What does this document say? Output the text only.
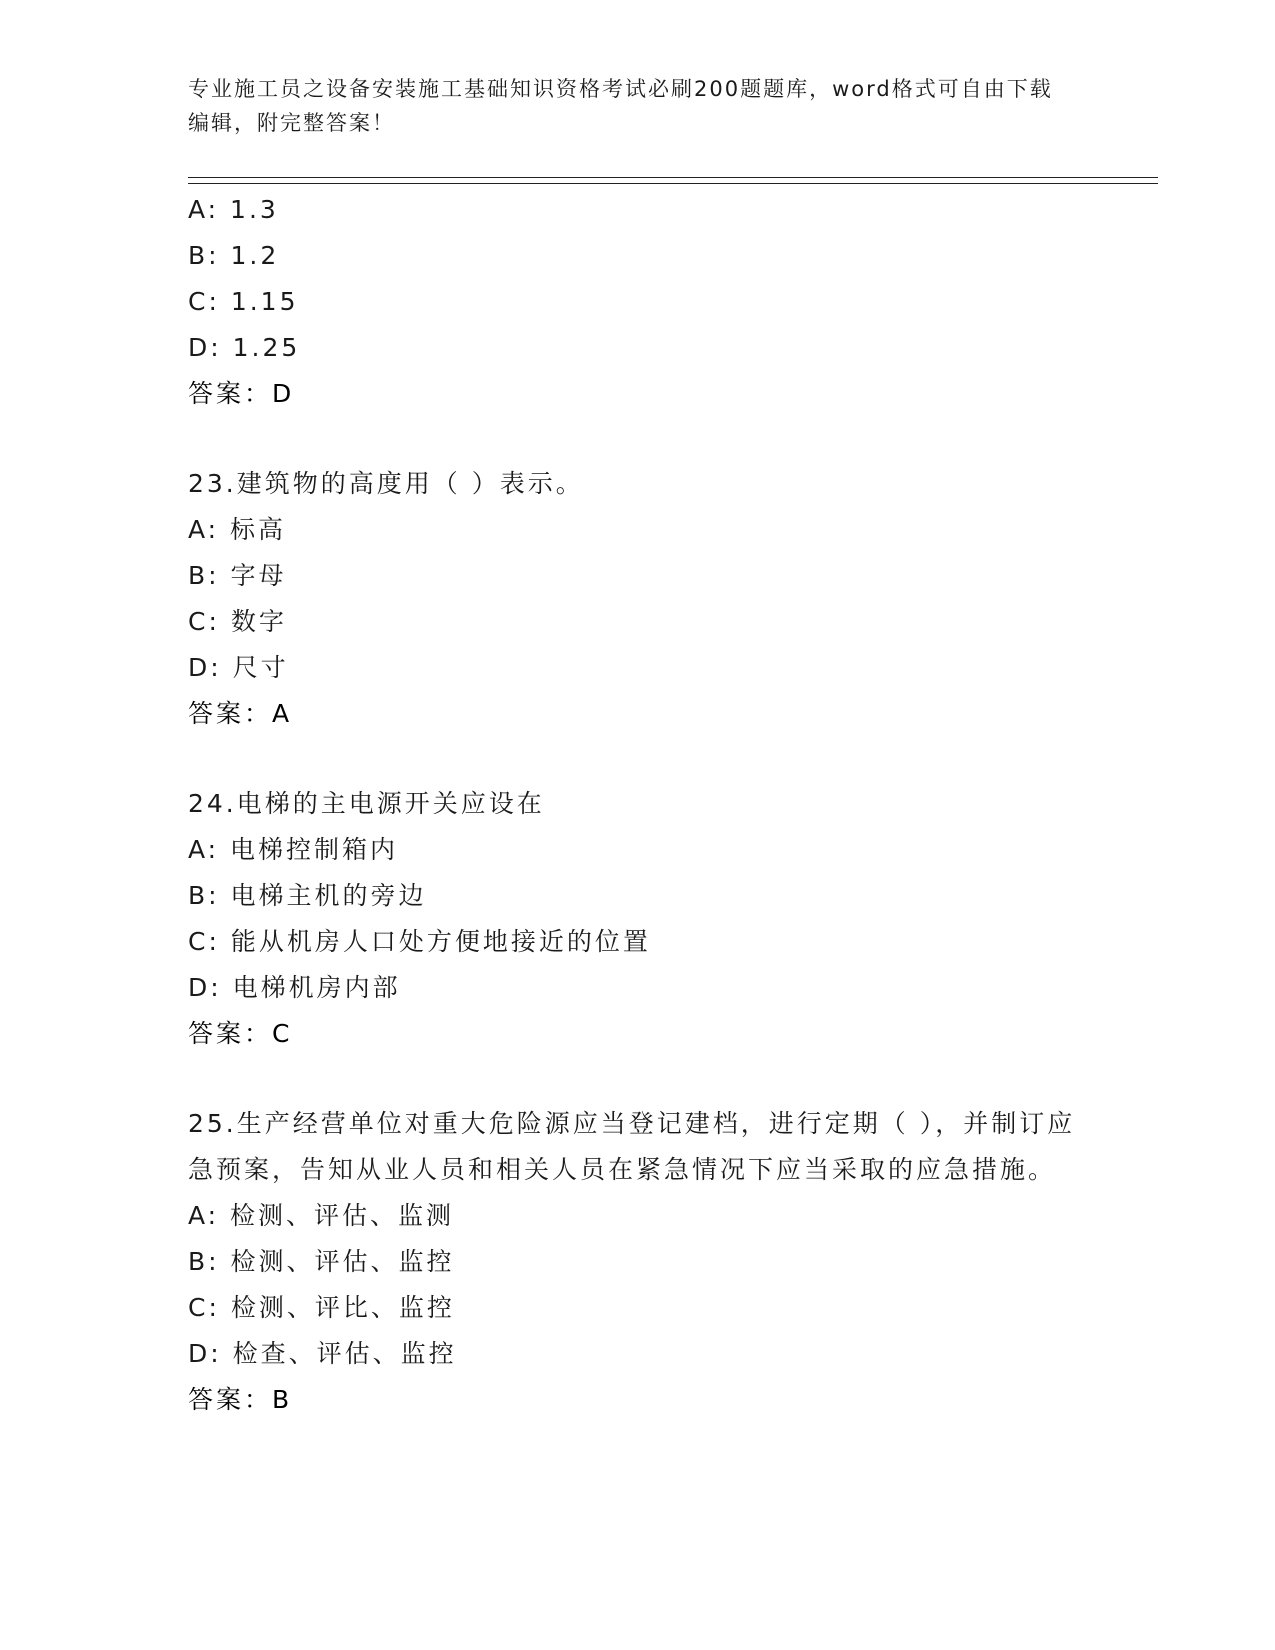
专业施工员之设备安装施工基础知识资格考试必刷200题题库，word格式可自由下载编辑，附完整答案！
A: 1.3
B: 1.2
C: 1.15
D: 1.25
答案：D
23.建筑物的高度用（ ）表示。
A: 标高
B: 字母
C: 数字
D: 尺寸
答案：A
24.电梯的主电源开关应设在
A: 电梯控制箱内
B: 电梯主机的旁边
C: 能从机房人口处方便地接近的位置
D: 电梯机房内部
答案：C
25.生产经营单位对重大危险源应当登记建档，进行定期（ ），并制订应急预案，告知从业人员和相关人员在紧急情况下应当采取的应急措施。
A: 检测、评估、监测
B: 检测、评估、监控
C: 检测、评比、监控
D: 检查、评估、监控
答案：B
